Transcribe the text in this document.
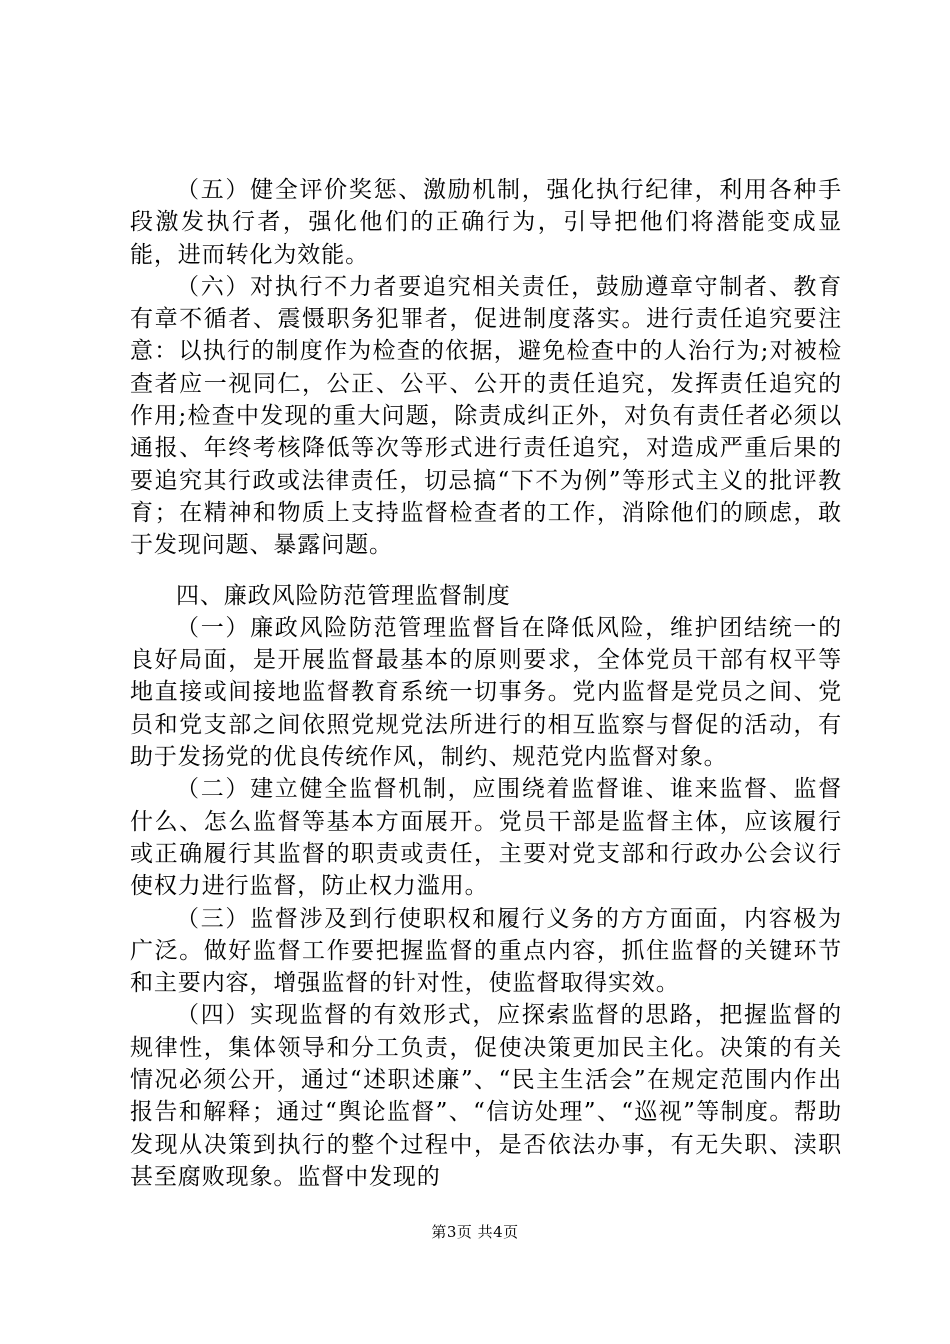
（五）健全评价奖惩、激励机制，强化执行纪律，利用各种手段激发执行者，强化他们的正确行为，引导把他们将潜能变成显能，进而转化为效能。

（六）对执行不力者要追究相关责任，鼓励遵章守制者、教育有章不循者、震慑职务犯罪者，促进制度落实。进行责任追究要注意：以执行的制度作为检查的依据，避免检查中的人治行为;对被检查者应一视同仁，公正、公平、公开的责任追究，发挥责任追究的作用;检查中发现的重大问题，除责成纠正外，对负有责任者必须以通报、年终考核降低等次等形式进行责任追究，对造成严重后果的要追究其行政或法律责任，切忌搞“下不为例”等形式主义的批评教育；在精神和物质上支持监督检查者的工作，消除他们的顾虑，敢于发现问题、暴露问题。

四、廉政风险防范管理监督制度

（一）廉政风险防范管理监督旨在降低风险，维护团结统一的良好局面，是开展监督最基本的原则要求，全体党员干部有权平等地直接或间接地监督教育系统一切事务。党内监督是党员之间、党员和党支部之间依照党规党法所进行的相互监察与督促的活动，有助于发扬党的优良传统作风，制约、规范党内监督对象。

（二）建立健全监督机制，应围绕着监督谁、谁来监督、监督什么、怎么监督等基本方面展开。党员干部是监督主体，应该履行或正确履行其监督的职责或责任，主要对党支部和行政办公会议行使权力进行监督，防止权力滥用。

（三）监督涉及到行使职权和履行义务的方方面面，内容极为广泛。做好监督工作要把握监督的重点内容，抓住监督的关键环节和主要内容，增强监督的针对性，使监督取得实效。

（四）实现监督的有效形式，应探索监督的思路，把握监督的规律性，集体领导和分工负责，促使决策更加民主化。决策的有关情况必须公开，通过“述职述廉”、“民主生活会”在规定范围内作出报告和解释；通过“舆论监督”、“信访处理”、“巡视”等制度。帮助发现从决策到执行的整个过程中，是否依法办事，有无失职、渎职甚至腐败现象。监督中发现的

第3页 共4页
